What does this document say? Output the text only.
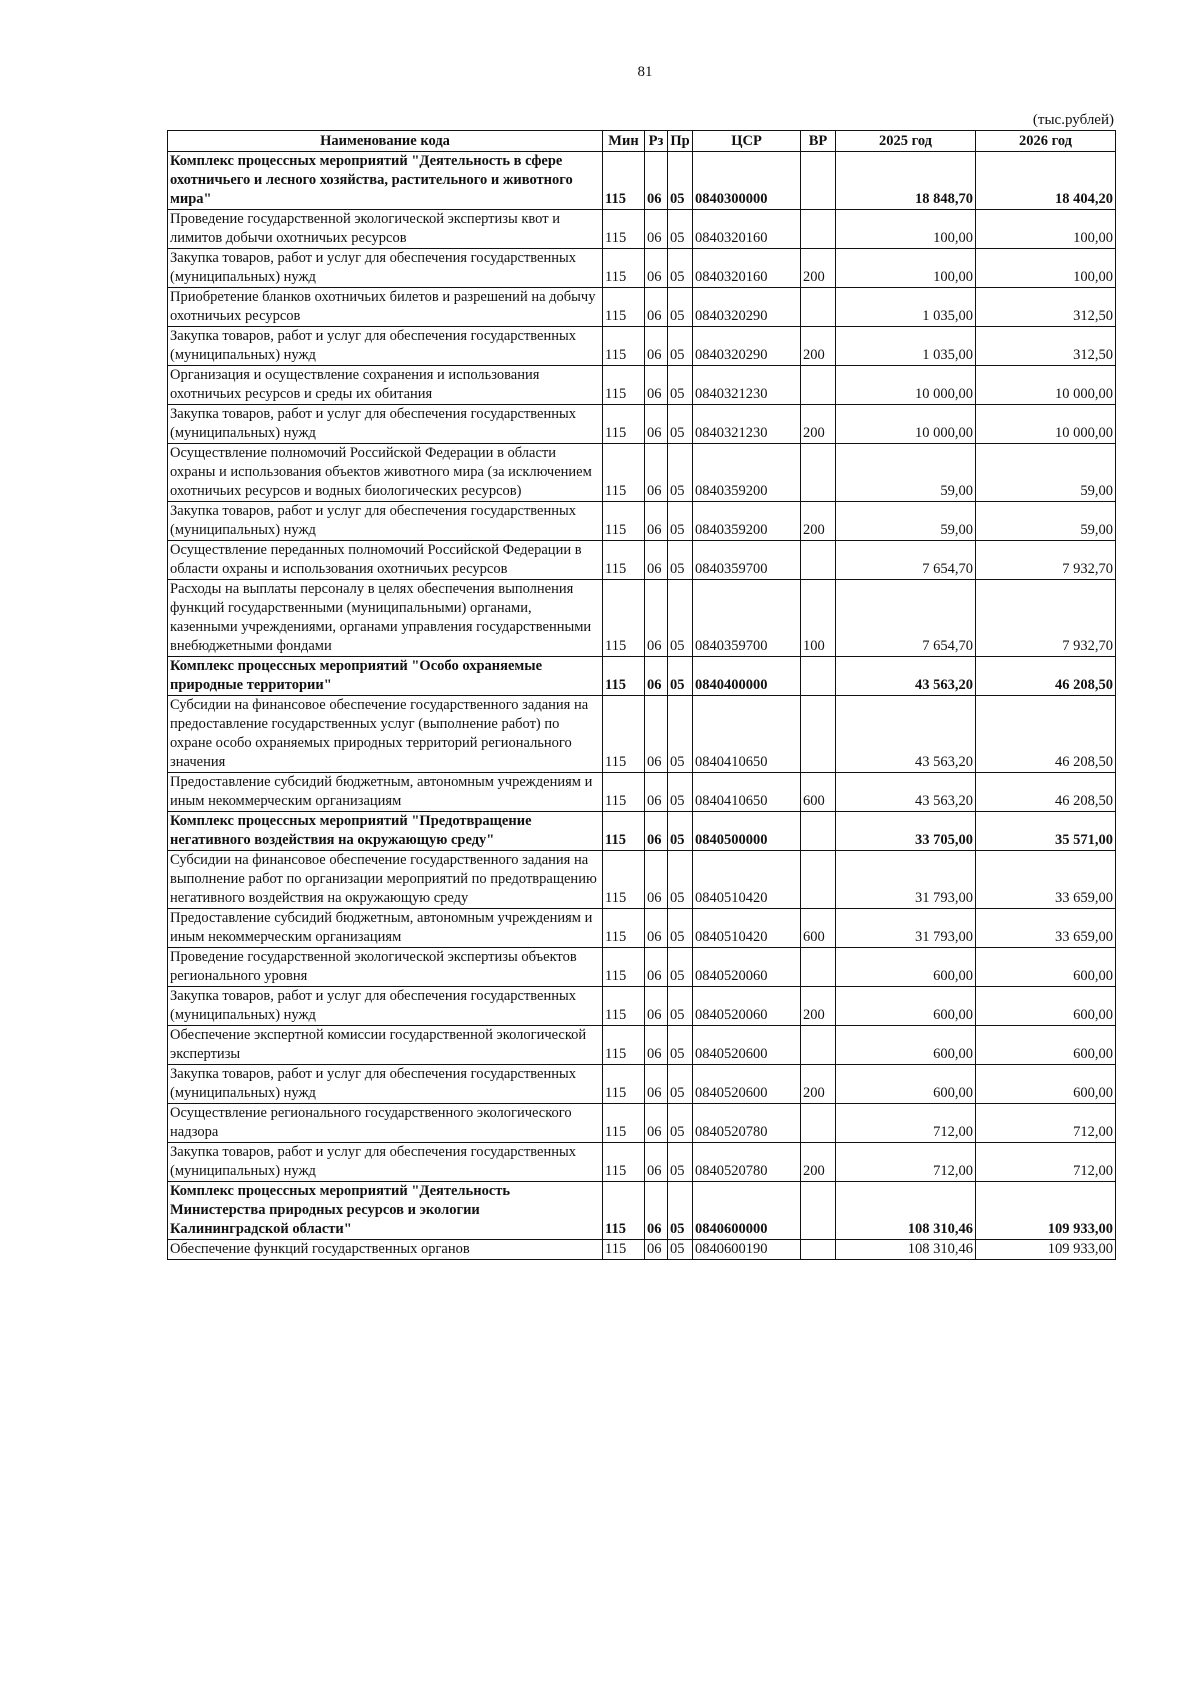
81
(тыс.рублей)
Наименование кода	Мин	Рз	Пр	ЦСР	ВР	2025 год	2026 год
Комплекс процессных мероприятий "Деятельность в сфере охотничьего и лесного хозяйства, растительного и животного мира"	115	06	05	0840300000		18 848,70	18 404,20
Проведение государственной экологической экспертизы квот и лимитов добычи охотничьих ресурсов	115	06	05	0840320160		100,00	100,00
Закупка товаров, работ и услуг для обеспечения государственных (муниципальных) нужд	115	06	05	0840320160	200	100,00	100,00
Приобретение бланков охотничьих билетов и разрешений на добычу охотничьих ресурсов	115	06	05	0840320290		1 035,00	312,50
Закупка товаров, работ и услуг для обеспечения государственных (муниципальных) нужд	115	06	05	0840320290	200	1 035,00	312,50
Организация и осуществление сохранения и использования охотничьих ресурсов и среды их обитания	115	06	05	0840321230		10 000,00	10 000,00
Закупка товаров, работ и услуг для обеспечения государственных (муниципальных) нужд	115	06	05	0840321230	200	10 000,00	10 000,00
Осуществление полномочий Российской Федерации в области охраны и использования объектов животного мира (за исключением охотничьих ресурсов и водных биологических ресурсов)	115	06	05	0840359200		59,00	59,00
Закупка товаров, работ и услуг для обеспечения государственных (муниципальных) нужд	115	06	05	0840359200	200	59,00	59,00
Осуществление переданных полномочий Российской Федерации в области охраны и использования охотничьих ресурсов	115	06	05	0840359700		7 654,70	7 932,70
Расходы на выплаты персоналу в целях обеспечения выполнения функций государственными (муниципальными) органами, казенными учреждениями, органами управления государственными внебюджетными фондами	115	06	05	0840359700	100	7 654,70	7 932,70
Комплекс процессных мероприятий "Особо охраняемые природные территории"	115	06	05	0840400000		43 563,20	46 208,50
Субсидии на финансовое обеспечение государственного задания на предоставление государственных услуг (выполнение работ) по охране особо охраняемых природных территорий регионального значения	115	06	05	0840410650		43 563,20	46 208,50
Предоставление субсидий бюджетным, автономным учреждениям и иным некоммерческим организациям	115	06	05	0840410650	600	43 563,20	46 208,50
Комплекс процессных мероприятий "Предотвращение негативного воздействия на окружающую среду"	115	06	05	0840500000		33 705,00	35 571,00
Субсидии на финансовое обеспечение государственного задания на выполнение работ по организации мероприятий по предотвращению негативного воздействия на окружающую среду	115	06	05	0840510420		31 793,00	33 659,00
Предоставление субсидий бюджетным, автономным учреждениям и иным некоммерческим организациям	115	06	05	0840510420	600	31 793,00	33 659,00
Проведение государственной экологической экспертизы объектов регионального уровня	115	06	05	0840520060		600,00	600,00
Закупка товаров, работ и услуг для обеспечения государственных (муниципальных) нужд	115	06	05	0840520060	200	600,00	600,00
Обеспечение экспертной комиссии государственной экологической экспертизы	115	06	05	0840520600		600,00	600,00
Закупка товаров, работ и услуг для обеспечения государственных (муниципальных) нужд	115	06	05	0840520600	200	600,00	600,00
Осуществление регионального государственного экологического надзора	115	06	05	0840520780		712,00	712,00
Закупка товаров, работ и услуг для обеспечения государственных (муниципальных) нужд	115	06	05	0840520780	200	712,00	712,00
Комплекс процессных мероприятий "Деятельность Министерства природных ресурсов и экологии Калининградской области"	115	06	05	0840600000		108 310,46	109 933,00
Обеспечение функций государственных органов	115	06	05	0840600190		108 310,46	109 933,00
